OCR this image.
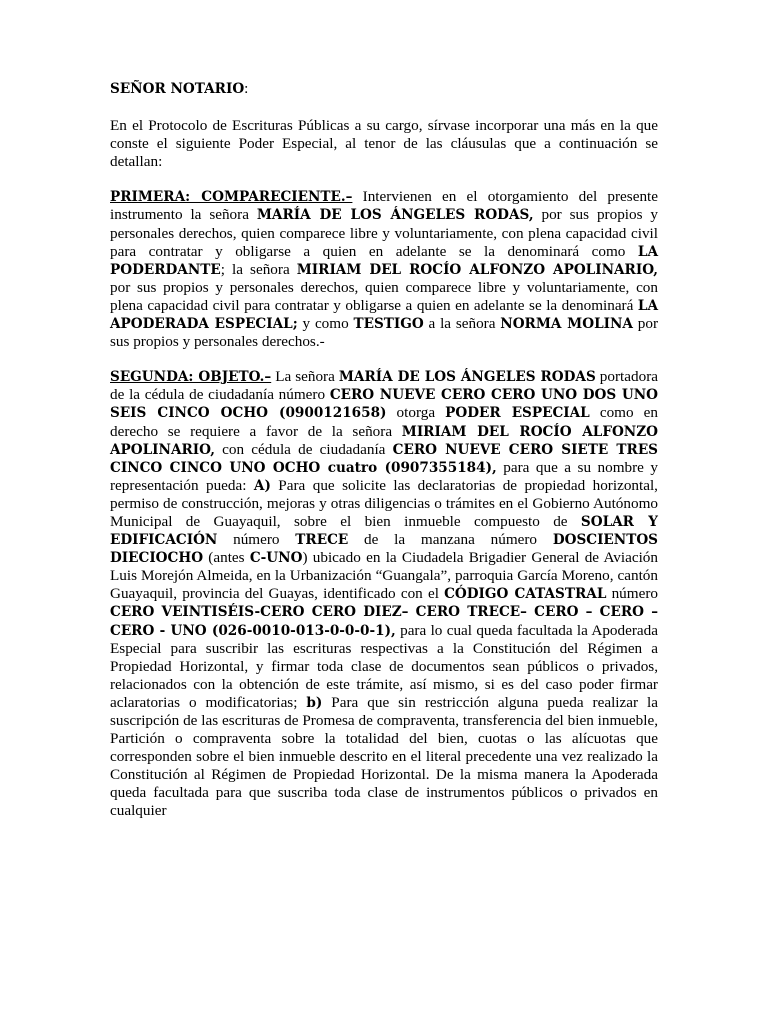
SEÑOR NOTARIO:

En el Protocolo de Escrituras Públicas a su cargo, sírvase incorporar una más en la que conste el siguiente Poder Especial, al tenor de las cláusulas que a continuación se detallan:

PRIMERA: COMPARECIENTE.– Intervienen en el otorgamiento del presente instrumento la señora MARÍA DE LOS ÁNGELES RODAS, por sus propios y personales derechos, quien comparece libre y voluntariamente, con plena capacidad civil para contratar y obligarse a quien en adelante se la denominará como LA PODERDANTE; la señora MIRIAM DEL ROCÍO ALFONZO APOLINARIO, por sus propios y personales derechos, quien comparece libre y voluntariamente, con plena capacidad civil para contratar y obligarse a quien en adelante se la denominará LA APODERADA ESPECIAL; y como TESTIGO a la señora NORMA MOLINA por sus propios y personales derechos.-

SEGUNDA: OBJETO.– La señora MARÍA DE LOS ÁNGELES RODAS portadora de la cédula de ciudadanía número CERO NUEVE CERO CERO UNO DOS UNO SEIS CINCO OCHO (0900121658) otorga PODER ESPECIAL como en derecho se requiere a favor de la señora MIRIAM DEL ROCÍO ALFONZO APOLINARIO, con cédula de ciudadanía CERO NUEVE CERO SIETE TRES CINCO CINCO UNO OCHO cuatro (0907355184), para que a su nombre y representación pueda: A) Para que solicite las declaratorias de propiedad horizontal, permiso de construcción, mejoras y otras diligencias o trámites en el Gobierno Autónomo Municipal de Guayaquil, sobre el bien inmueble compuesto de SOLAR Y EDIFICACIÓN número TRECE de la manzana número DOSCIENTOS DIECIOCHO (antes C-UNO) ubicado en la Ciudadela Brigadier General de Aviación Luis Morejón Almeida, en la Urbanización “Guangala”, parroquia García Moreno, cantón Guayaquil, provincia del Guayas, identificado con el CÓDIGO CATASTRAL número CERO VEINTISÉIS-CERO CERO DIEZ– CERO TRECE– CERO – CERO – CERO - UNO (026-0010-013-0-0-0-1), para lo cual queda facultada la Apoderada Especial para suscribir las escrituras respectivas a la Constitución del Régimen a Propiedad Horizontal, y firmar toda clase de documentos sean públicos o privados, relacionados con la obtención de este trámite, así mismo, si es del caso poder firmar aclaratorias o modificatorias; b) Para que sin restricción alguna pueda realizar la suscripción de las escrituras de Promesa de compraventa, transferencia del bien inmueble, Partición o compraventa sobre la totalidad del bien, cuotas o las alícuotas que corresponden sobre el bien inmueble descrito en el literal precedente una vez realizado la Constitución al Régimen de Propiedad Horizontal. De la misma manera la Apoderada queda facultada para que suscriba toda clase de instrumentos públicos o privados en cualquier
